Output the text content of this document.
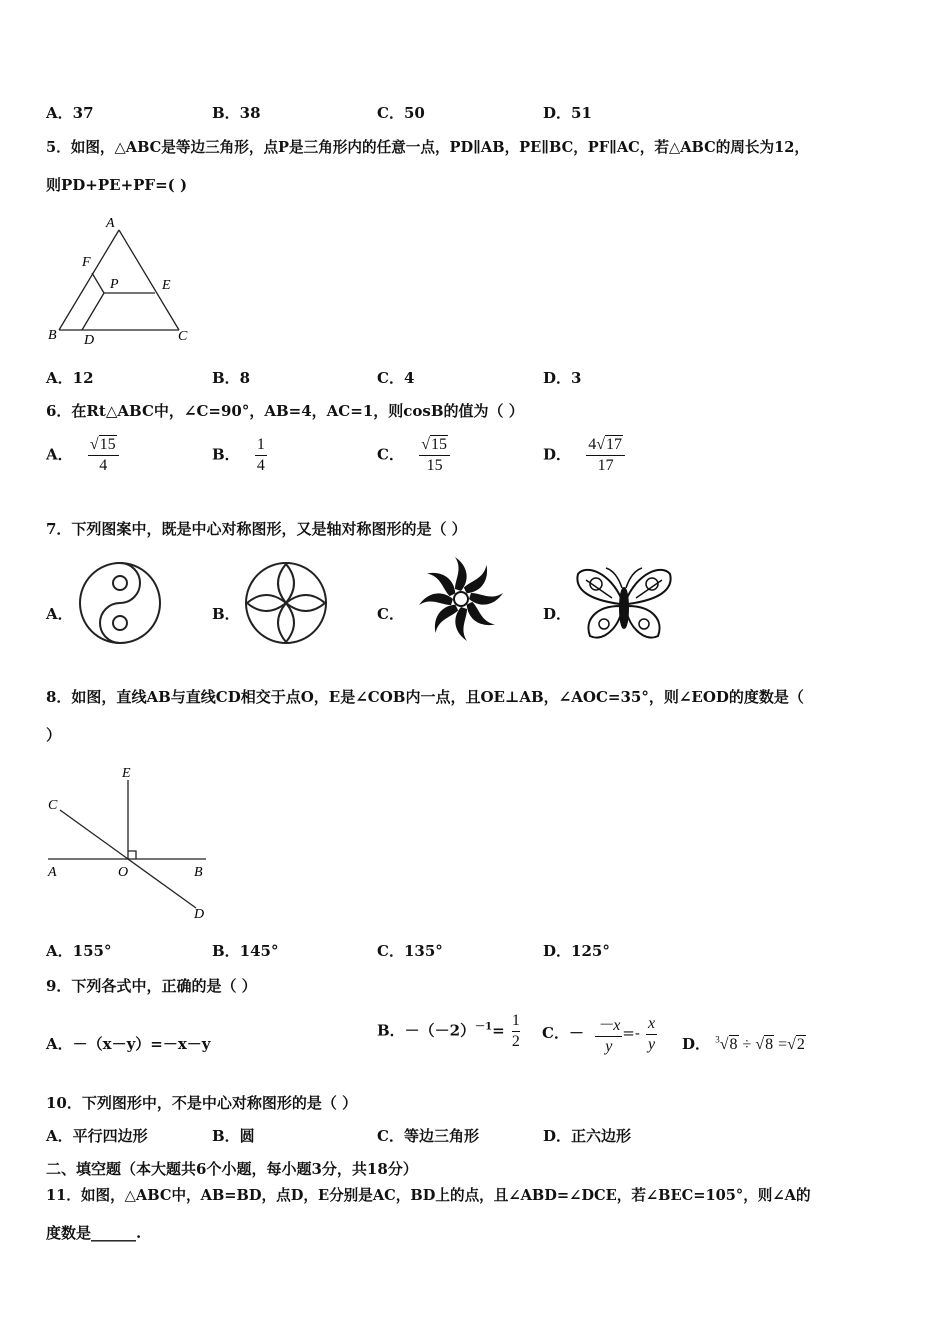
A．37	B．38	C．50	D．51
5．如图，△ABC是等边三角形，点P是三角形内的任意一点，PD∥AB，PE∥BC，PF∥AC，若△ABC的周长为12，
则PD+PE+PF=( )
A
F
P	E
B D	C
A．12	B．8	C．4	D．3
6．在Rt△ABC中，∠C=90°，AB=4，AC=1，则cosB的值为（ ）
A． $\frac{√15}{4}$	B． $\frac{1}{4}$	C． $\frac{√15}{15}$	D． $\frac{4√17}{17}$
7．下列图案中，既是中心对称图形，又是轴对称图形的是（ ）
A．	B．	C．	D．
8．如图，直线AB与直线CD相交于点O，E是∠COB内一点，且OE⊥AB，∠AOC=35°，则∠EOD的度数是（
）
E
C
A	O	B
D
A．155°	B．145°	C．135°	D．125°
9．下列各式中，正确的是（ ）
A．－（x－y）=－x－y
B．$-(-2)^{-1}= \frac{1}{2}$ C．－ $\frac{-x}{y} =- \frac{x}{y}$ D． $^3$√8 ÷ √8 =√2
10．下列图形中，不是中心对称图形的是（ ）
A．平行四边形	B．圆	C．等边三角形	D．正六边形
二、填空题（本大题共6个小题，每小题3分，共18分）
11．如图，△ABC中，AB=BD，点D，E分别是AC，BD上的点，且∠ABD=∠DCE，若∠BEC=105°，则∠A的
度数是______.
